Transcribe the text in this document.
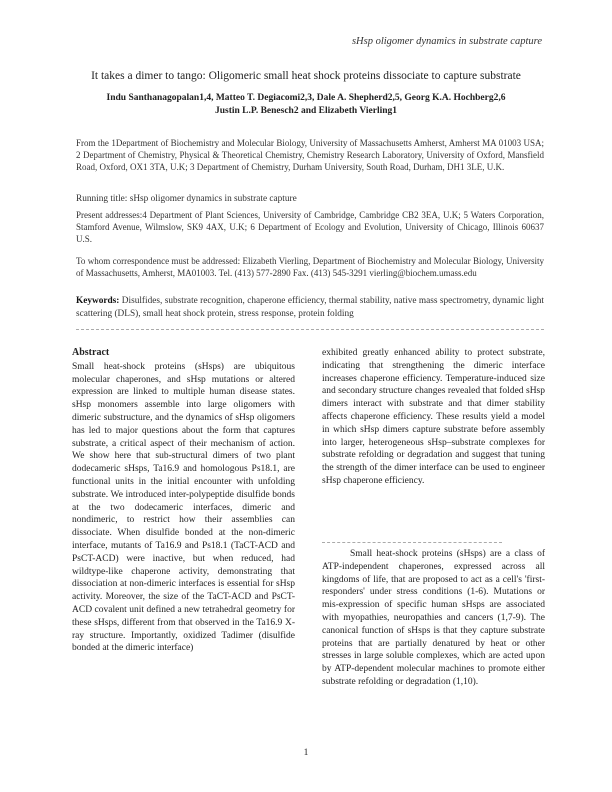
sHsp oligomer dynamics in substrate capture
It takes a dimer to tango: Oligomeric small heat shock proteins dissociate to capture substrate
Indu Santhanagopalan1,4, Matteo T. Degiacomi2,3, Dale A. Shepherd2,5, Georg K.A. Hochberg2,6
Justin L.P. Benesch2 and Elizabeth Vierling1
From the 1Department of Biochemistry and Molecular Biology, University of Massachusetts Amherst, Amherst MA 01003 USA; 2 Department of Chemistry, Physical & Theoretical Chemistry, Chemistry Research Laboratory, University of Oxford, Mansfield Road, Oxford, OX1 3TA, U.K; 3 Department of Chemistry, Durham University, South Road, Durham, DH1 3LE, U.K.
Running title: sHsp oligomer dynamics in substrate capture
Present addresses:4 Department of Plant Sciences, University of Cambridge, Cambridge CB2 3EA, U.K; 5 Waters Corporation, Stamford Avenue, Wilmslow, SK9 4AX, U.K; 6 Department of Ecology and Evolution, University of Chicago, Illinois 60637 U.S.
To whom correspondence must be addressed: Elizabeth Vierling, Department of Biochemistry and Molecular Biology, University of Massachusetts, Amherst, MA01003. Tel. (413) 577-2890 Fax. (413) 545-3291 vierling@biochem.umass.edu
Keywords: Disulfides, substrate recognition, chaperone efficiency, thermal stability, native mass spectrometry, dynamic light scattering (DLS), small heat shock protein, stress response, protein folding
Abstract

Small heat-shock proteins (sHsps) are ubiquitous molecular chaperones, and sHsp mutations or altered expression are linked to multiple human disease states. sHsp monomers assemble into large oligomers with dimeric substructure, and the dynamics of sHsp oligomers has led to major questions about the form that captures substrate, a critical aspect of their mechanism of action. We show here that sub-structural dimers of two plant dodecameric sHsps, Ta16.9 and homologous Ps18.1, are functional units in the initial encounter with unfolding substrate. We introduced inter-polypeptide disulfide bonds at the two dodecameric interfaces, dimeric and nondimeric, to restrict how their assemblies can dissociate. When disulfide bonded at the non-dimeric interface, mutants of Ta16.9 and Ps18.1 (TaCT-ACD and PsCT-ACD) were inactive, but when reduced, had wildtype-like chaperone activity, demonstrating that dissociation at non-dimeric interfaces is essential for sHsp activity. Moreover, the size of the TaCT-ACD and PsCT-ACD covalent unit defined a new tetrahedral geometry for these sHsps, different from that observed in the Ta16.9 X-ray structure. Importantly, oxidized Tadimer (disulfide bonded at the dimeric interface)

exhibited greatly enhanced ability to protect substrate, indicating that strengthening the dimeric interface increases chaperone efficiency. Temperature-induced size and secondary structure changes revealed that folded sHsp dimers interact with substrate and that dimer stability affects chaperone efficiency. These results yield a model in which sHsp dimers capture substrate before assembly into larger, heterogeneous sHsp–substrate complexes for substrate refolding or degradation and suggest that tuning the strength of the dimer interface can be used to engineer sHsp chaperone efficiency.

Small heat-shock proteins (sHsps) are a class of ATP-independent chaperones, expressed across all kingdoms of life, that are proposed to act as a cell's 'first-responders' under stress conditions (1-6). Mutations or mis-expression of specific human sHsps are associated with myopathies, neuropathies and cancers (1,7-9). The canonical function of sHsps is that they capture substrate proteins that are partially denatured by heat or other stresses in large soluble complexes, which are acted upon by ATP-dependent molecular machines to promote either substrate refolding or degradation (1,10).

1
